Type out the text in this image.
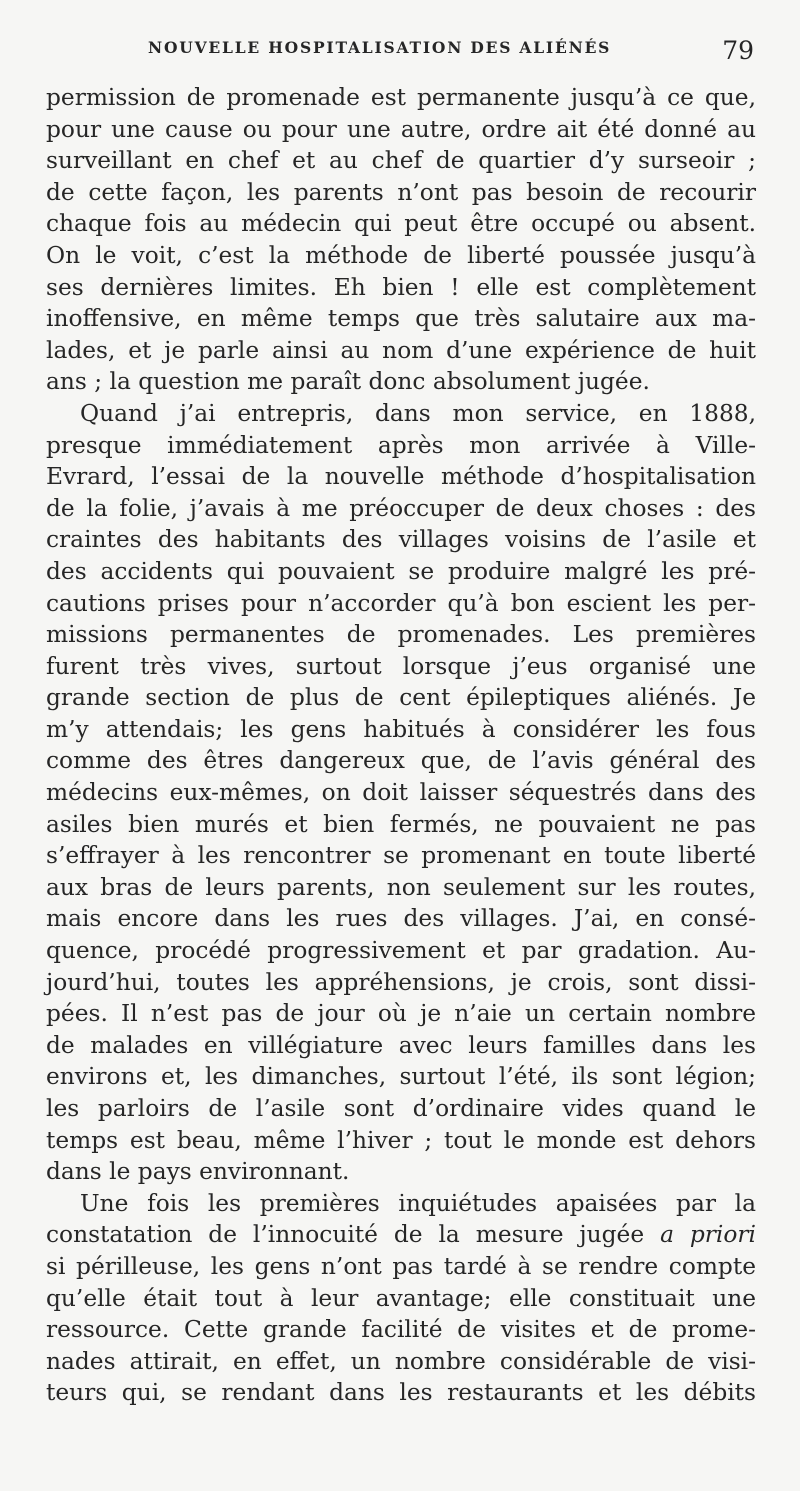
NOUVELLE HOSPITALISATION DES ALIÉNÉS	79
permission de promenade est permanente jusqu’à ce que,
pour une cause ou pour une autre, ordre ait été donné au
surveillant en chef et au chef de quartier d’y surseoir ;
de cette façon, les parents n’ont pas besoin de recourir
chaque fois au médecin qui peut être occupé ou absent.
On le voit, c’est la méthode de liberté poussée jusqu’à
ses dernières limites. Eh bien ! elle est complètement
inoffensive, en même temps que très salutaire aux ma-
lades, et je parle ainsi au nom d’une expérience de huit
ans ; la question me paraît donc absolument jugée.
Quand j’ai entrepris, dans mon service, en 1888,
presque immédiatement après mon arrivée à Ville-
Evrard, l’essai de la nouvelle méthode d’hospitalisation
de la folie, j’avais à me préoccuper de deux choses : des
craintes des habitants des villages voisins de l’asile et
des accidents qui pouvaient se produire malgré les pré-
cautions prises pour n’accorder qu’à bon escient les per-
missions permanentes de promenades. Les premières
furent très vives, surtout lorsque j’eus organisé une
grande section de plus de cent épileptiques aliénés. Je
m’y attendais; les gens habitués à considérer les fous
comme des êtres dangereux que, de l’avis général des
médecins eux-mêmes, on doit laisser séquestrés dans des
asiles bien murés et bien fermés, ne pouvaient ne pas
s’effrayer à les rencontrer se promenant en toute liberté
aux bras de leurs parents, non seulement sur les routes,
mais encore dans les rues des villages. J’ai, en consé-
quence, procédé progressivement et par gradation. Au-
jourd’hui, toutes les appréhensions, je crois, sont dissi-
pées. Il n’est pas de jour où je n’aie un certain nombre
de malades en villégiature avec leurs familles dans les
environs et, les dimanches, surtout l’été, ils sont légion;
les parloirs de l’asile sont d’ordinaire vides quand le
temps est beau, même l’hiver ; tout le monde est dehors
dans le pays environnant.
Une fois les premières inquiétudes apaisées par la
constatation de l’innocuité de la mesure jugée a priori
si périlleuse, les gens n’ont pas tardé à se rendre compte
qu’elle était tout à leur avantage; elle constituait une
ressource. Cette grande facilité de visites et de prome-
nades attirait, en effet, un nombre considérable de visi-
teurs qui, se rendant dans les restaurants et les débits
